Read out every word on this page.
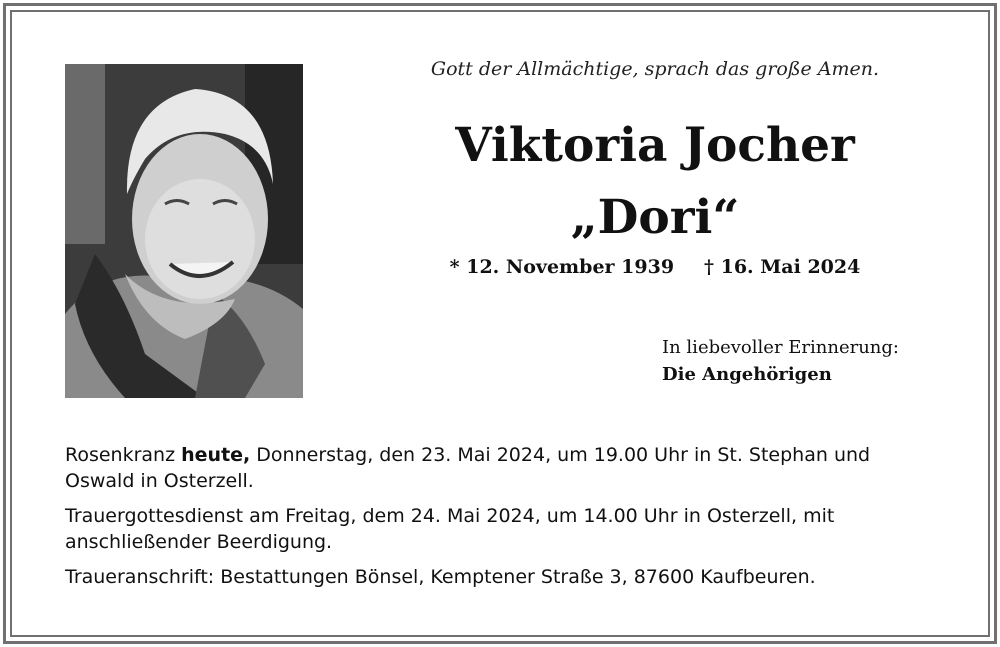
Gott der Allmächtige, sprach das große Amen.
Viktoria Jocher
„Dori“
* 12. November 1939 † 16. Mai 2024
In liebevoller Erinnerung:
Die Angehörigen

Rosenkranz heute, Donnerstag, den 23. Mai 2024, um 19.00 Uhr in St. Stephan und Oswald in Osterzell.

Trauergottesdienst am Freitag, dem 24. Mai 2024, um 14.00 Uhr in Osterzell, mit anschließender Beerdigung.

Traueranschrift: Bestattungen Bönsel, Kemptener Straße 3, 87600 Kaufbeuren.
